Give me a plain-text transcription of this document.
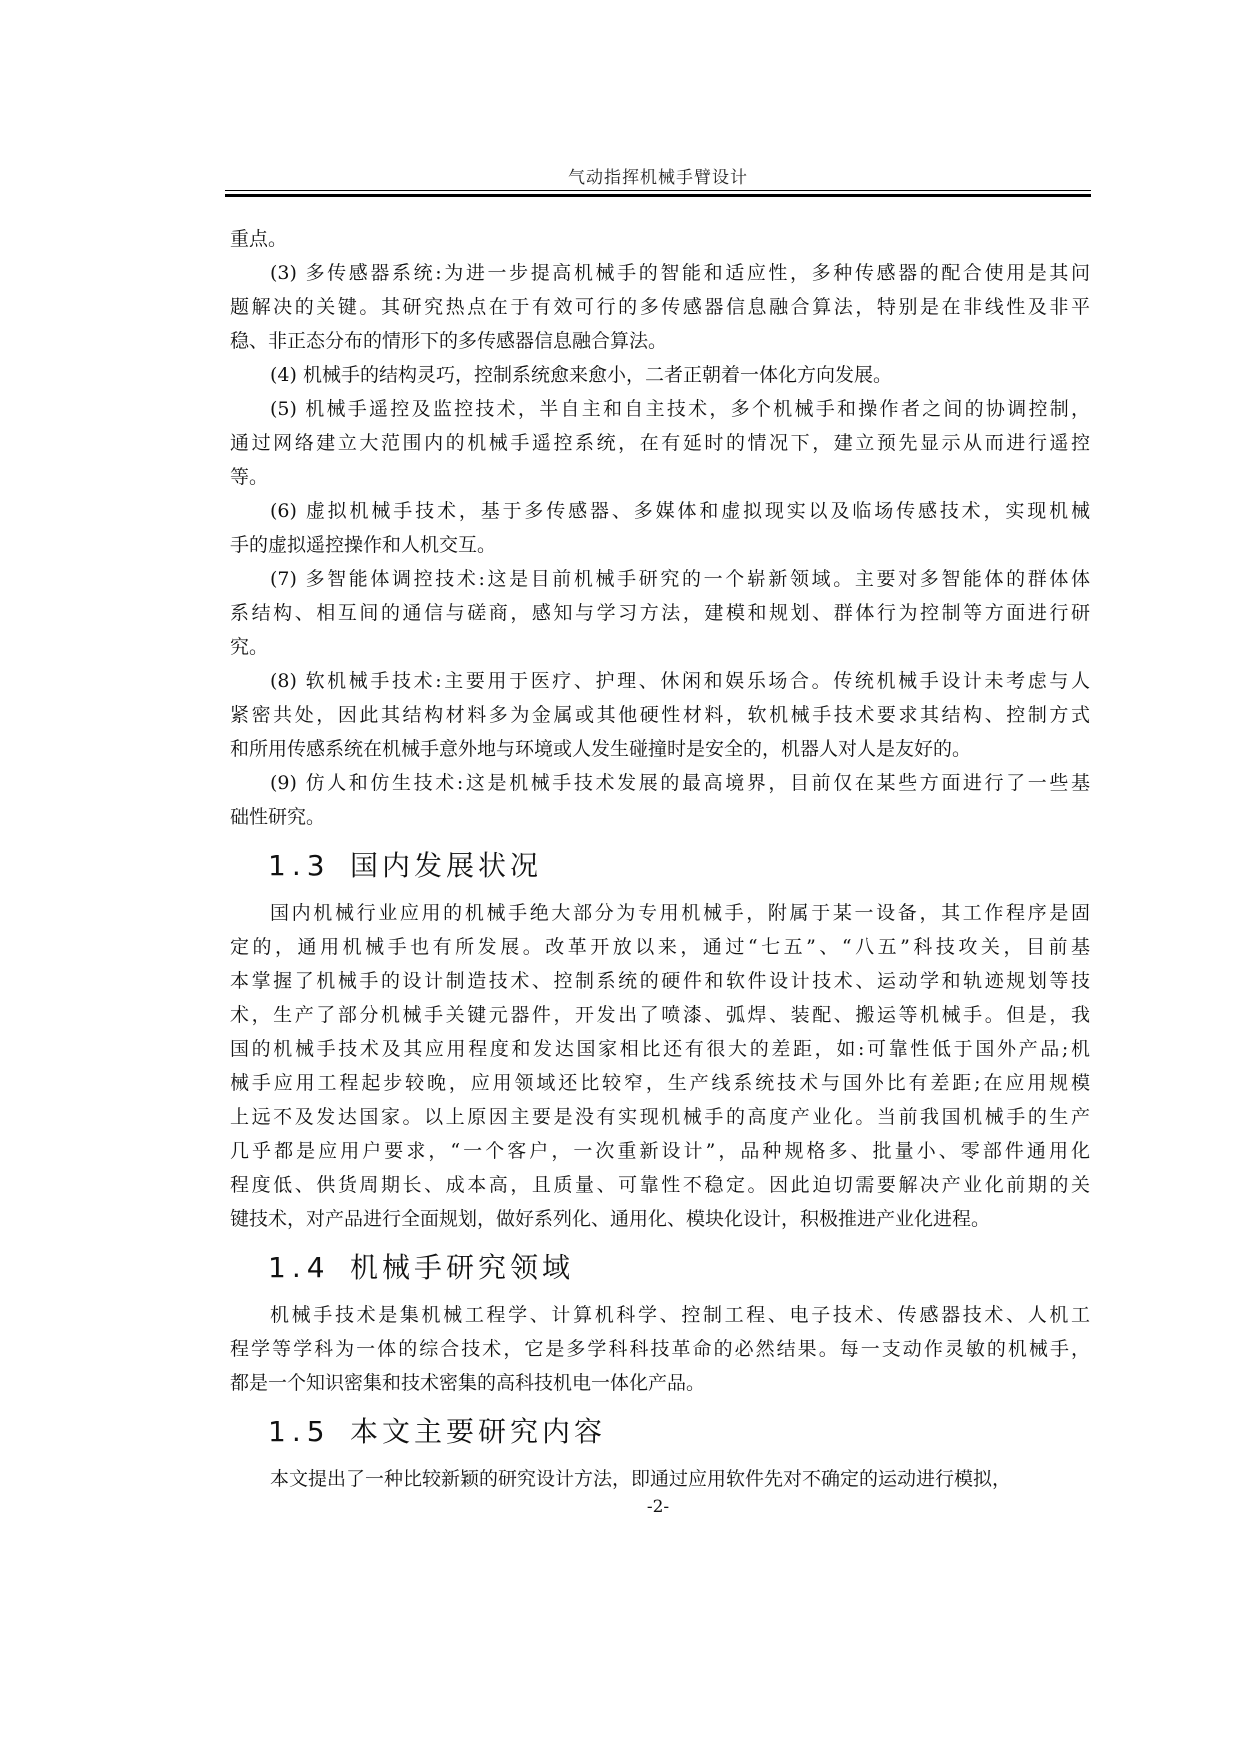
气动指挥机械手臂设计
重点。
(3) 多传感器系统:为进一步提高机械手的智能和适应性，多种传感器的配合使用是其问
题解决的关键。其研究热点在于有效可行的多传感器信息融合算法，特别是在非线性及非平
稳、非正态分布的情形下的多传感器信息融合算法。
(4) 机械手的结构灵巧，控制系统愈来愈小，二者正朝着一体化方向发展。
(5) 机械手遥控及监控技术，半自主和自主技术，多个机械手和操作者之间的协调控制，
通过网络建立大范围内的机械手遥控系统，在有延时的情况下，建立预先显示从而进行遥控
等。
(6) 虚拟机械手技术，基于多传感器、多媒体和虚拟现实以及临场传感技术，实现机械
手的虚拟遥控操作和人机交互。
(7) 多智能体调控技术:这是目前机械手研究的一个崭新领域。主要对多智能体的群体体
系结构、相互间的通信与磋商，感知与学习方法，建模和规划、群体行为控制等方面进行研
究。
(8) 软机械手技术:主要用于医疗、护理、休闲和娱乐场合。传统机械手设计未考虑与人
紧密共处，因此其结构材料多为金属或其他硬性材料，软机械手技术要求其结构、控制方式
和所用传感系统在机械手意外地与环境或人发生碰撞时是安全的，机器人对人是友好的。
(9) 仿人和仿生技术:这是机械手技术发展的最高境界，目前仅在某些方面进行了一些基
础性研究。
1.3 国内发展状况
国内机械行业应用的机械手绝大部分为专用机械手，附属于某一设备，其工作程序是固
定的，通用机械手也有所发展。改革开放以来，通过“七五”、“八五”科技攻关，目前基
本掌握了机械手的设计制造技术、控制系统的硬件和软件设计技术、运动学和轨迹规划等技
术，生产了部分机械手关键元器件，开发出了喷漆、弧焊、装配、搬运等机械手。但是，我
国的机械手技术及其应用程度和发达国家相比还有很大的差距，如:可靠性低于国外产品;机
械手应用工程起步较晚，应用领域还比较窄，生产线系统技术与国外比有差距;在应用规模
上远不及发达国家。以上原因主要是没有实现机械手的高度产业化。当前我国机械手的生产
几乎都是应用户要求，“一个客户，一次重新设计”，品种规格多、批量小、零部件通用化
程度低、供货周期长、成本高，且质量、可靠性不稳定。因此迫切需要解决产业化前期的关
键技术，对产品进行全面规划，做好系列化、通用化、模块化设计，积极推进产业化进程。
1.4 机械手研究领域
机械手技术是集机械工程学、计算机科学、控制工程、电子技术、传感器技术、人机工
程学等学科为一体的综合技术，它是多学科科技革命的必然结果。每一支动作灵敏的机械手，
都是一个知识密集和技术密集的高科技机电一体化产品。
1.5 本文主要研究内容
本文提出了一种比较新颖的研究设计方法，即通过应用软件先对不确定的运动进行模拟，
-2-
